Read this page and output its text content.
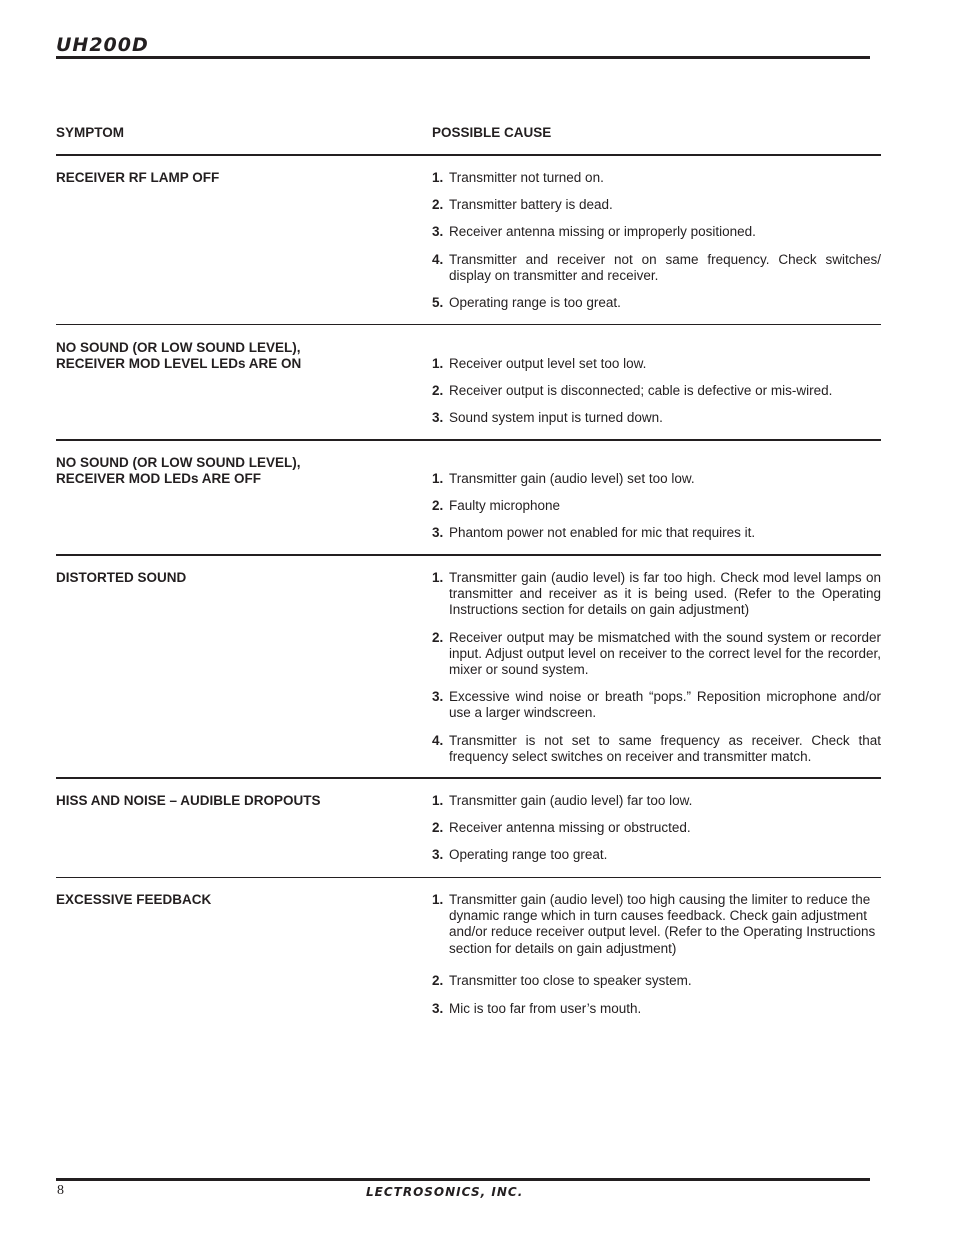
UH200D
SYMPTOM	POSSIBLE CAUSE
RECEIVER RF LAMP OFF	1. Transmitter not turned on.
2. Transmitter battery is dead.
3. Receiver antenna missing or improperly positioned.
4. Transmitter and receiver not on same frequency. Check switches/ display on transmitter and receiver.
5. Operating range is too great.
NO SOUND (OR LOW SOUND LEVEL),
RECEIVER MOD LEVEL LEDs ARE ON	1. Receiver output level set too low.
2. Receiver output is disconnected; cable is defective or mis-wired.
3. Sound system input is turned down.
NO SOUND (OR LOW SOUND LEVEL),
RECEIVER MOD LEDs ARE OFF	1. Transmitter gain (audio level) set too low.
2. Faulty microphone
3. Phantom power not enabled for mic that requires it.
DISTORTED SOUND	1. Transmitter gain (audio level) is far too high. Check mod level lamps on transmitter and receiver as it is being used. (Refer to the Operating Instructions section for details on gain adjustment)
2. Receiver output may be mismatched with the sound system or recorder input. Adjust output level on receiver to the correct level for the recorder, mixer or sound system.
3. Excessive wind noise or breath “pops.” Reposition microphone and/or use a larger windscreen.
4. Transmitter is not set to same frequency as receiver. Check that frequency select switches on receiver and transmitter match.
HISS AND NOISE – AUDIBLE DROPOUTS	1. Transmitter gain (audio level) far too low.
2. Receiver antenna missing or obstructed.
3. Operating range too great.
EXCESSIVE FEEDBACK	1. Transmitter gain (audio level) too high causing the limiter to reduce the dynamic range which in turn causes feedback. Check gain adjustment and/or reduce receiver output level. (Refer to the Operating Instructions section for details on gain adjustment)
2. Transmitter too close to speaker system.
3. Mic is too far from user’s mouth.
8	LECTROSONICS, INC.
